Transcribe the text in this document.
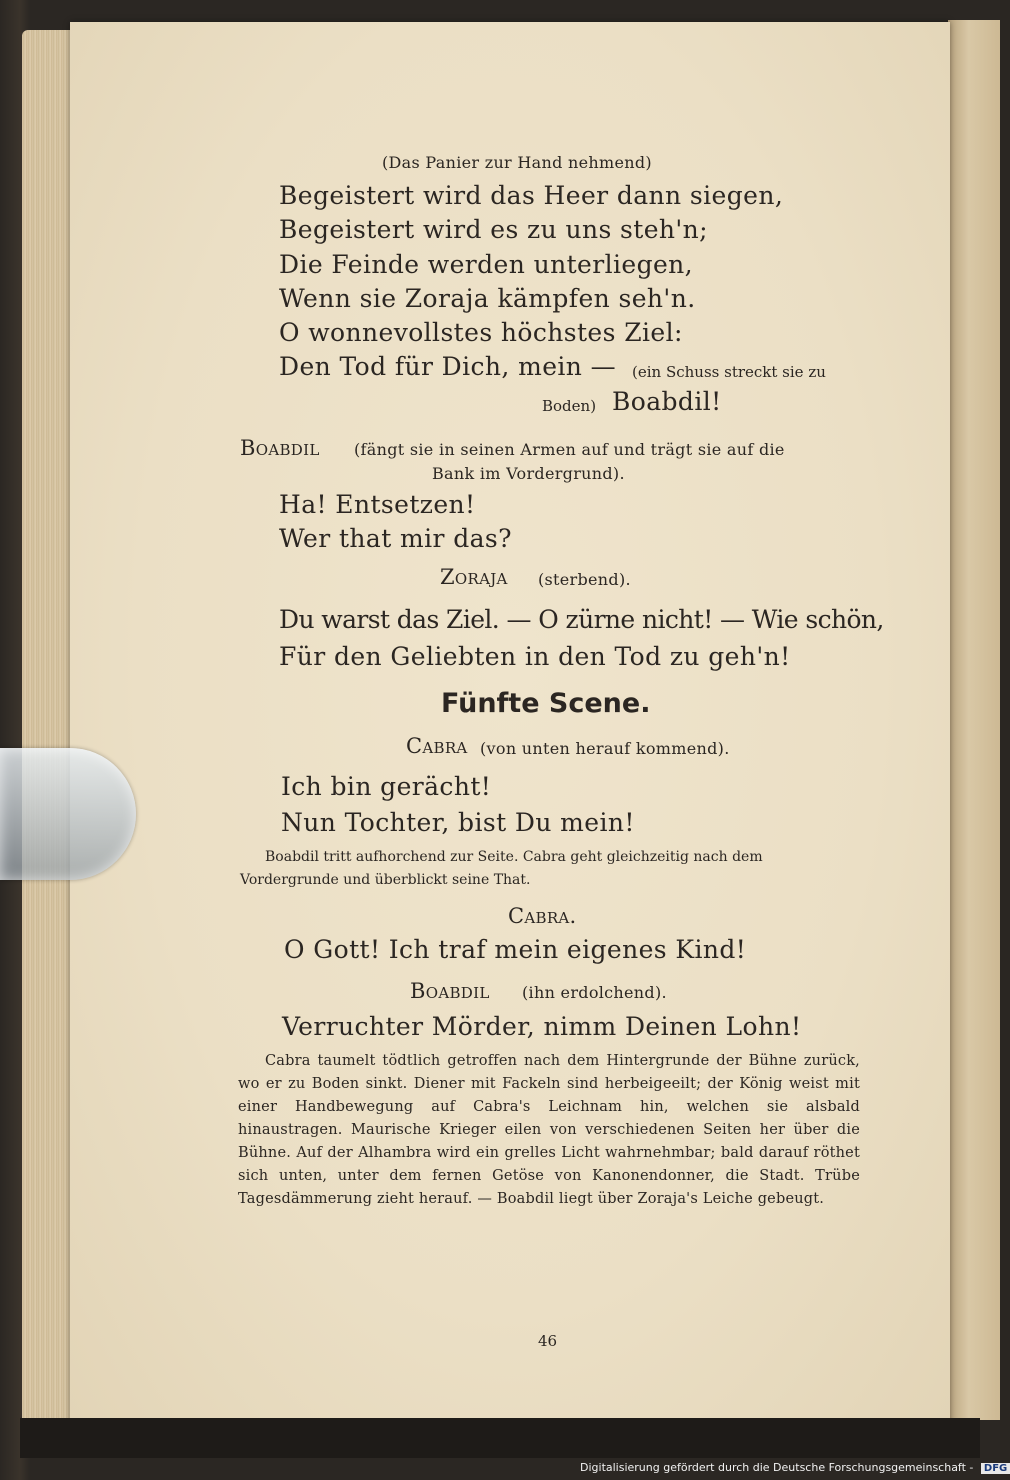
(Das Panier zur Hand nehmend)
Begeistert wird das Heer dann siegen,
Begeistert wird es zu uns steh'n;
Die Feinde werden unterliegen,
Wenn sie Zoraja kämpfen seh'n.
O wonnevollstes höchstes Ziel:
Den Tod für Dich, mein — (ein Schuss streckt sie zu
Boden) Boabdil!
Boabdil (fängt sie in seinen Armen auf und trägt sie auf die
Bank im Vordergrund).
Ha! Entsetzen!
Wer that mir das?
Zoraja (sterbend).
Du warst das Ziel. — O zürne nicht! — Wie schön,
Für den Geliebten in den Tod zu geh'n!
Fünfte Scene.
Cabra (von unten herauf kommend).
Ich bin gerächt!
Nun Tochter, bist Du mein!
Boabdil tritt aufhorchend zur Seite. Cabra geht gleichzeitig nach dem
Vordergrunde und überblickt seine That.
Cabra.
O Gott! Ich traf mein eigenes Kind!
Boabdil (ihn erdolchend).
Verruchter Mörder, nimm Deinen Lohn!
Cabra taumelt tödtlich getroffen nach dem Hintergrunde der Bühne zurück, wo er zu Boden sinkt. Diener mit Fackeln sind herbeigeeilt; der König weist mit einer Handbewegung auf Cabra's Leichnam hin, welchen sie alsbald hinaustragen. Maurische Krieger eilen von verschiedenen Seiten her über die Bühne. Auf der Alhambra wird ein grelles Licht wahrnehmbar; bald darauf röthet sich unten, unter dem fernen Getöse von Kanonendonner, die Stadt. Trübe Tagesdämmerung zieht herauf. — Boabdil liegt über Zoraja's Leiche gebeugt.
46
Digitalisierung gefördert durch die Deutsche Forschungsgemeinschaft - DFG
